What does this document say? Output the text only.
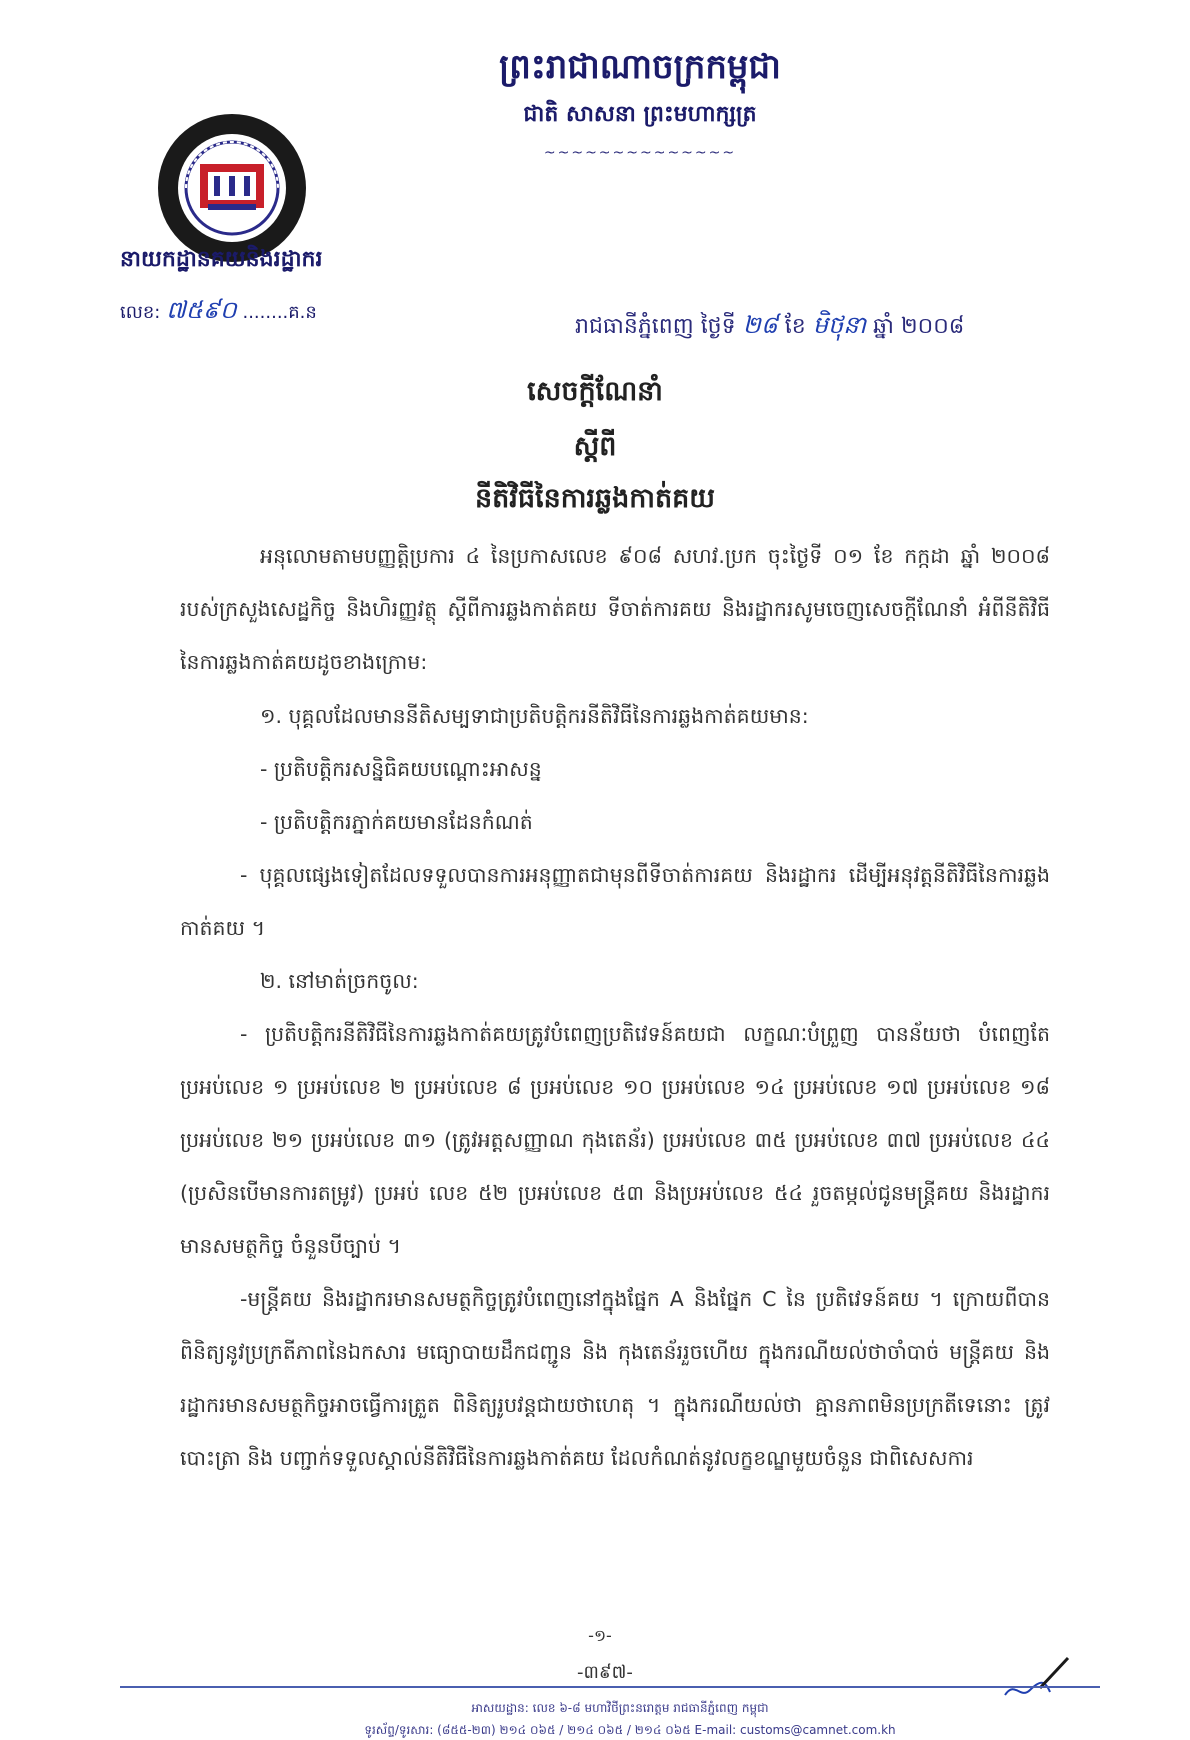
ព្រះរាជាណាចក្រកម្ពុជា
ជាតិ សាសនា ព្រះមហាក្សត្រ
~~~~~~~~~~~~~~
នាយកដ្ឋានគយនិងរដ្ឋាករ
លេខ: ៧៥៩០ ........គ.ន
រាជធានីភ្នំពេញ ថ្ងៃទី ២៨ ខែ មិថុនា ឆ្នាំ ២០០៨
សេចក្តីណែនាំ
ស្តីពី
នីតិវិធីនៃការឆ្លងកាត់គយ
អនុលោមតាមបញ្ញត្តិប្រការ ៤ នៃប្រកាសលេខ ៩០៨ សហវ.ប្រក ចុះថ្ងៃទី ០១ ខែ កក្កដា ឆ្នាំ ២០០៨ របស់ក្រសួងសេដ្ឋកិច្ច និងហិរញ្ញវត្ថុ ស្តីពីការឆ្លងកាត់គយ ទីចាត់ការគយ និងរដ្ឋាករសូមចេញសេចក្តីណែនាំ អំពីនីតិវិធីនៃការឆ្លងកាត់គយដូចខាងក្រោម:
១. បុគ្គលដែលមាននីតិសម្បទាជាប្រតិបត្តិករនីតិវិធីនៃការឆ្លងកាត់គយមាន:
- ប្រតិបត្តិករសន្និធិគយបណ្តោះអាសន្ន
- ប្រតិបត្តិករភ្នាក់គយមានដែនកំណត់
- បុគ្គលផ្សេងទៀតដែលទទួលបានការអនុញ្ញាតជាមុនពីទីចាត់ការគយ និងរដ្ឋាករ ដើម្បីអនុវត្តនីតិវិធីនៃការឆ្លងកាត់គយ ។
២. នៅមាត់ច្រកចូល:
- ប្រតិបត្តិករនីតិវិធីនៃការឆ្លងកាត់គយត្រូវបំពេញប្រតិវេទន៍គយជា លក្ខណៈបំព្រួញ បានន័យថា បំពេញតែប្រអប់លេខ ១ ប្រអប់លេខ ២ ប្រអប់លេខ ៨ ប្រអប់លេខ ១០ ប្រអប់លេខ ១៤ ប្រអប់លេខ ១៧ ប្រអប់លេខ ១៨ ប្រអប់លេខ ២១ ប្រអប់លេខ ៣១ (ត្រូវអត្តសញ្ញាណ កុងតេន័រ) ប្រអប់លេខ ៣៥ ប្រអប់លេខ ៣៧ ប្រអប់លេខ ៤៤ (ប្រសិនបើមានការតម្រូវ) ប្រអប់ លេខ ៥២ ប្រអប់លេខ ៥៣ និងប្រអប់លេខ ៥៤ រួចតម្កល់ជូនមន្ត្រីគយ និងរដ្ឋាករមានសមត្ថកិច្ច ចំនួនបីច្បាប់ ។
-មន្ត្រីគយ និងរដ្ឋាករមានសមត្ថកិច្ចត្រូវបំពេញនៅក្នុងផ្នែក A និងផ្នែក C នៃ ប្រតិវេទន៍គយ ។ ក្រោយពីបានពិនិត្យនូវប្រក្រតីភាពនៃឯកសារ មធ្យោបាយដឹកជញ្ជូន និង កុងតេន័ររួចហើយ ក្នុងករណីយល់ថាចាំបាច់ មន្ត្រីគយ និងរដ្ឋាករមានសមត្ថកិច្ចអាចធ្វើការត្រួត ពិនិត្យរូបវន្តជាយថាហេតុ ។ ក្នុងករណីយល់ថា គ្មានភាពមិនប្រក្រតីទេនោះ ត្រូវបោះត្រា និង បញ្ជាក់ទទួលស្គាល់នីតិវិធីនៃការឆ្លងកាត់គយ ដែលកំណត់នូវលក្ខខណ្ឌមួយចំនួន ជាពិសេសការ
-១-
-៣៩៧-
អាសយដ្ឋាន: លេខ ៦-៨ មហាវិថីព្រះនរោត្តម រាជធានីភ្នំពេញ កម្ពុជា
ទូរស័ព្ទ/ទូរសារ: (៨៥៥-២៣) ២១៤ ០៦៥ / ២១៤ ០៦៥ / ២១៤ ០៦៥ E-mail: customs@camnet.com.kh
